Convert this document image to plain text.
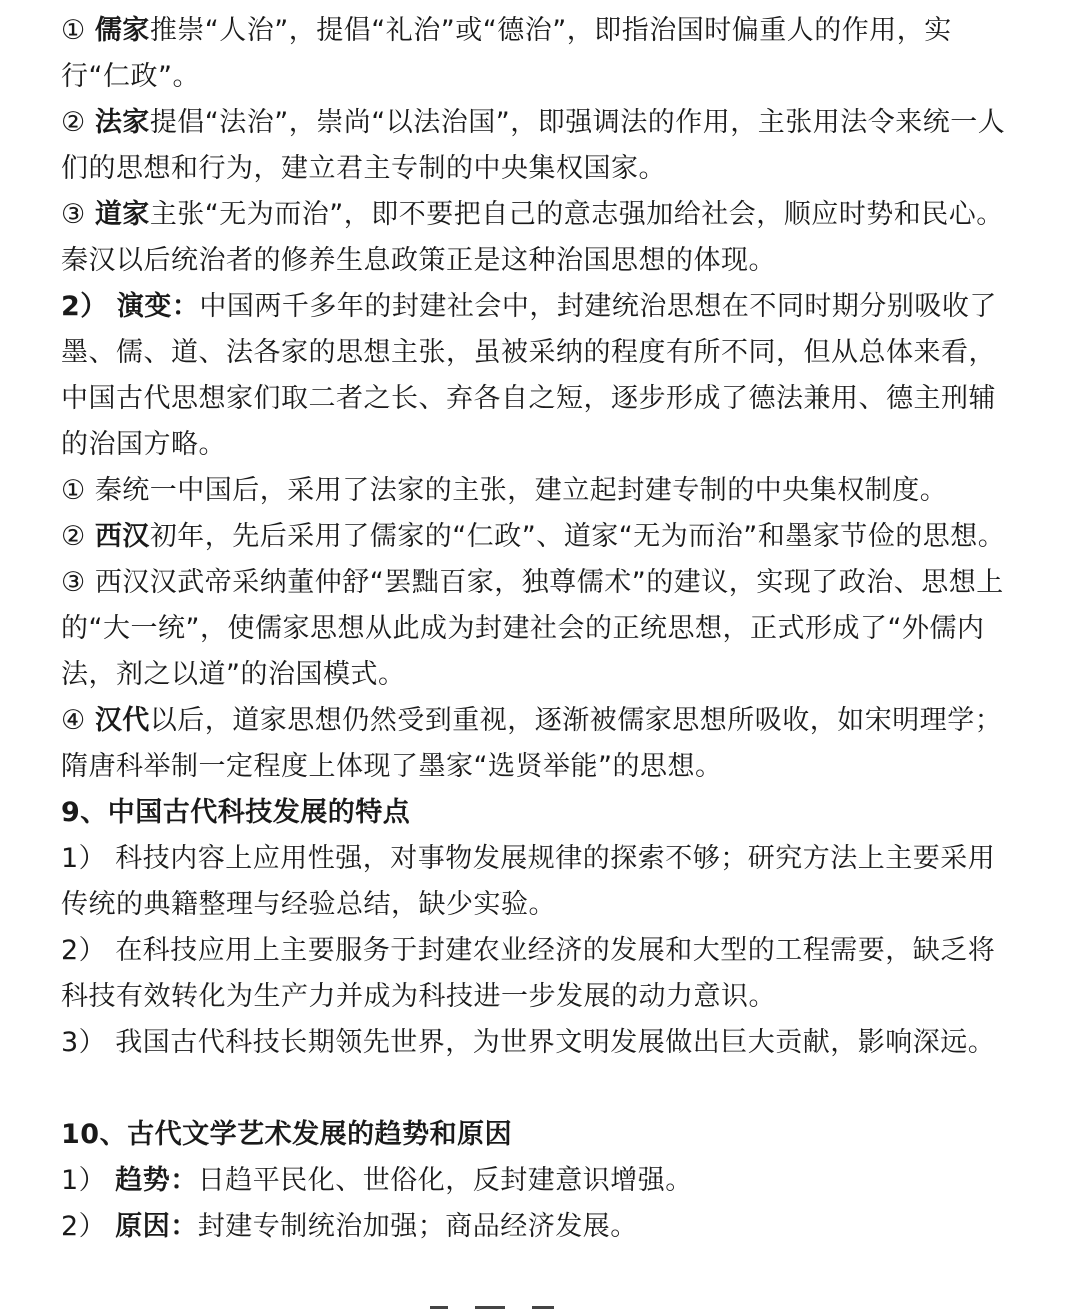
① 儒家推崇“人治”，提倡“礼治”或“德治”，即指治国时偏重人的作用，实行“仁政”。

② 法家提倡“法治”，崇尚“以法治国”，即强调法的作用，主张用法令来统一人们的思想和行为，建立君主专制的中央集权国家。

③ 道家主张“无为而治”，即不要把自己的意志强加给社会，顺应时势和民心。秦汉以后统治者的修养生息政策正是这种治国思想的体现。

2） 演变：中国两千多年的封建社会中，封建统治思想在不同时期分别吸收了墨、儒、道、法各家的思想主张，虽被采纳的程度有所不同，但从总体来看，中国古代思想家们取二者之长、弃各自之短，逐步形成了德法兼用、德主刑辅的治国方略。

① 秦统一中国后，采用了法家的主张，建立起封建专制的中央集权制度。

② 西汉初年，先后采用了儒家的“仁政”、道家“无为而治”和墨家节俭的思想。

③ 西汉汉武帝采纳董仲舒“罢黜百家，独尊儒术”的建议，实现了政治、思想上的“大一统”，使儒家思想从此成为封建社会的正统思想，正式形成了“外儒内法，剂之以道”的治国模式。

④ 汉代以后，道家思想仍然受到重视，逐渐被儒家思想所吸收，如宋明理学；隋唐科举制一定程度上体现了墨家“选贤举能”的思想。

9、中国古代科技发展的特点

1） 科技内容上应用性强，对事物发展规律的探索不够；研究方法上主要采用传统的典籍整理与经验总结，缺少实验。

2） 在科技应用上主要服务于封建农业经济的发展和大型的工程需要，缺乏将科技有效转化为生产力并成为科技进一步发展的动力意识。

3） 我国古代科技长期领先世界，为世界文明发展做出巨大贡献，影响深远。

10、古代文学艺术发展的趋势和原因

1） 趋势：日趋平民化、世俗化，反封建意识增强。

2） 原因：封建专制统治加强；商品经济发展。
